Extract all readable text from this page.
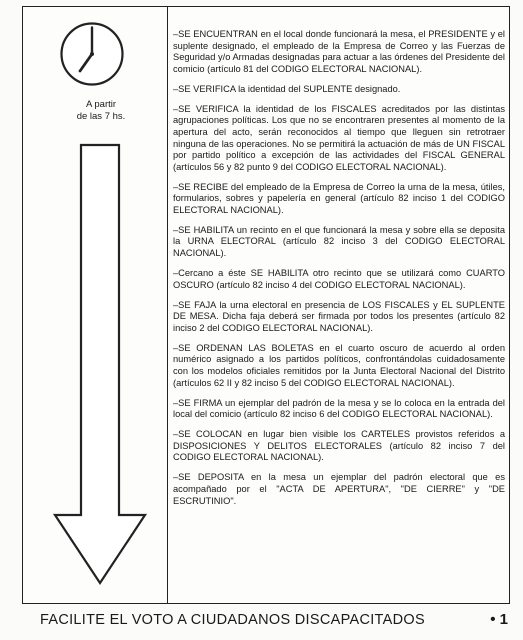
A partir
de las 7 hs.

–SE ENCUENTRAN en el local donde funcionará la mesa, el PRESIDENTE y el suplente designado, el empleado de la Empresa de Correo y las Fuerzas de Seguridad y/o Armadas designadas para actuar a las órdenes del Presidente del comicio (artículo 81 del CODIGO ELECTORAL NACIONAL).

–SE VERIFICA la identidad del SUPLENTE designado.

–SE VERIFICA la identidad de los FISCALES acreditados por las distintas agrupaciones políticas. Los que no se encontraren presentes al momento de la apertura del acto, serán reconocidos al tiempo que lleguen sin retrotraer ninguna de las operaciones. No se permitirá la actuación de más de UN FISCAL por partido político a excepción de las actividades del FISCAL GENERAL (artículos 56 y 82 punto 9 del CODIGO ELECTORAL NACIONAL).

–SE RECIBE del empleado de la Empresa de Correo la urna de la mesa, útiles, formularios, sobres y papelería en general (artículo 82 inciso 1 del CODIGO ELECTORAL NACIONAL).

–SE HABILITA un recinto en el que funcionará la mesa y sobre ella se deposita la URNA ELECTORAL (artículo 82 inciso 3 del CODIGO ELECTORAL NACIONAL).

–Cercano a éste SE HABILITA otro recinto que se utilizará como CUARTO OSCURO (artículo 82 inciso 4 del CODIGO ELECTORAL NACIONAL).

–SE FAJA la urna electoral en presencia de LOS FISCALES y EL SUPLENTE DE MESA. Dicha faja deberá ser firmada por todos los presentes (artículo 82 inciso 2 del CODIGO ELECTORAL NACIONAL).

–SE ORDENAN LAS BOLETAS en el cuarto oscuro de acuerdo al orden numérico asignado a los partidos políticos, confrontándolas cuidadosamente con los modelos oficiales remitidos por la Junta Electoral Nacional del Distrito (artículos 62 II y 82 inciso 5 del CODIGO ELECTORAL NACIONAL).

–SE FIRMA un ejemplar del padrón de la mesa y se lo coloca en la entrada del local del comicio (artículo 82 inciso 6 del CODIGO ELECTORAL NACIONAL).

–SE COLOCAN en lugar bien visible los CARTELES provistos referidos a DISPOSICIONES Y DELITOS ELECTORALES (artículo 82 inciso 7 del CODIGO ELECTORAL NACIONAL).

–SE DEPOSITA en la mesa un ejemplar del padrón electoral que es acompañado por el "ACTA DE APERTURA", "DE CIERRE" y "DE ESCRUTINIO".

FACILITE EL VOTO A CIUDADANOS DISCAPACITADOS	• 1
